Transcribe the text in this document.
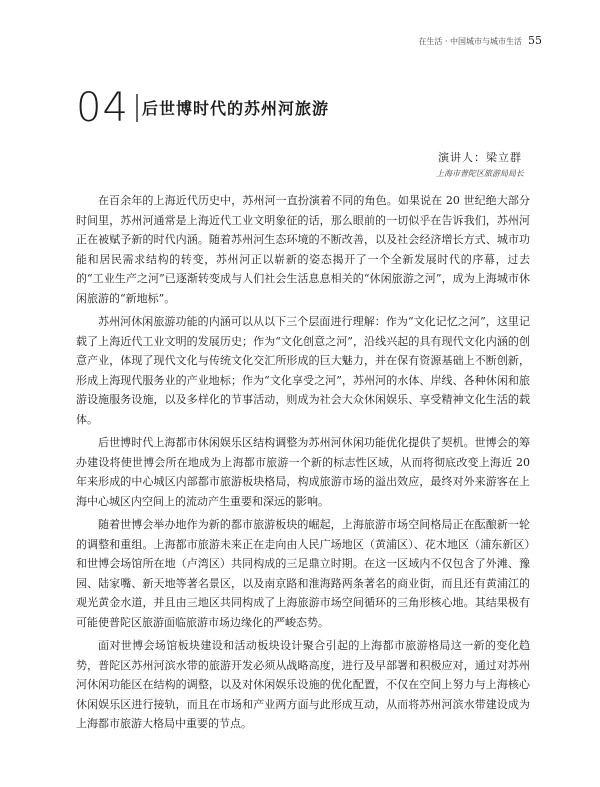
在生活 · 中国城市与城市生活 55
04 后世博时代的苏州河旅游
演讲人：梁立群
上海市普陀区旅游局局长

在百余年的上海近代历史中，苏州河一直扮演着不同的角色。如果说在 20 世纪绝大部分时间里，苏州河通常是上海近代工业文明象征的话，那么眼前的一切似乎在告诉我们，苏州河正在被赋予新的时代内涵。随着苏州河生态环境的不断改善，以及社会经济增长方式、城市功能和居民需求结构的转变，苏州河正以崭新的姿态揭开了一个全新发展时代的序幕，过去的“工业生产之河”已逐渐转变成与人们社会生活息息相关的“休闲旅游之河”，成为上海城市休闲旅游的“新地标”。

苏州河休闲旅游功能的内涵可以从以下三个层面进行理解：作为“文化记忆之河”，这里记载了上海近代工业文明的发展历史；作为“文化创意之河”，沿线兴起的具有现代文化内涵的创意产业，体现了现代文化与传统文化交汇所形成的巨大魅力，并在保有资源基础上不断创新，形成上海现代服务业的产业地标；作为“文化享受之河”，苏州河的水体、岸线、各种休闲和旅游设施服务设施，以及多样化的节事活动，则成为社会大众休闲娱乐、享受精神文化生活的载体。

后世博时代上海都市休闲娱乐区结构调整为苏州河休闲功能优化提供了契机。世博会的筹办建设将使世博会所在地成为上海都市旅游一个新的标志性区域，从而将彻底改变上海近 20 年来形成的中心城区内部都市旅游板块格局，构成旅游市场的溢出效应，最终对外来游客在上海中心城区内空间上的流动产生重要和深远的影响。

随着世博会举办地作为新的都市旅游板块的崛起，上海旅游市场空间格局正在酝酿新一轮的调整和重组。上海都市旅游未来正在走向由人民广场地区（黄浦区）、花木地区（浦东新区）和世博会场馆所在地（卢湾区）共同构成的三足鼎立时期。在这一区域内不仅包含了外滩、豫园、陆家嘴、新天地等著名景区，以及南京路和淮海路两条著名的商业街，而且还有黄浦江的观光黄金水道，并且由三地区共同构成了上海旅游市场空间循环的三角形核心地。其结果极有可能使普陀区旅游面临旅游市场边缘化的严峻态势。

面对世博会场馆板块建设和活动板块设计聚合引起的上海都市旅游格局这一新的变化趋势，普陀区苏州河滨水带的旅游开发必须从战略高度，进行及早部署和积极应对，通过对苏州河休闲功能区在结构的调整，以及对休闲娱乐设施的优化配置，不仅在空间上努力与上海核心休闲娱乐区进行接轨，而且在市场和产业两方面与此形成互动，从而将苏州河滨水带建设成为上海都市旅游大格局中重要的节点。
